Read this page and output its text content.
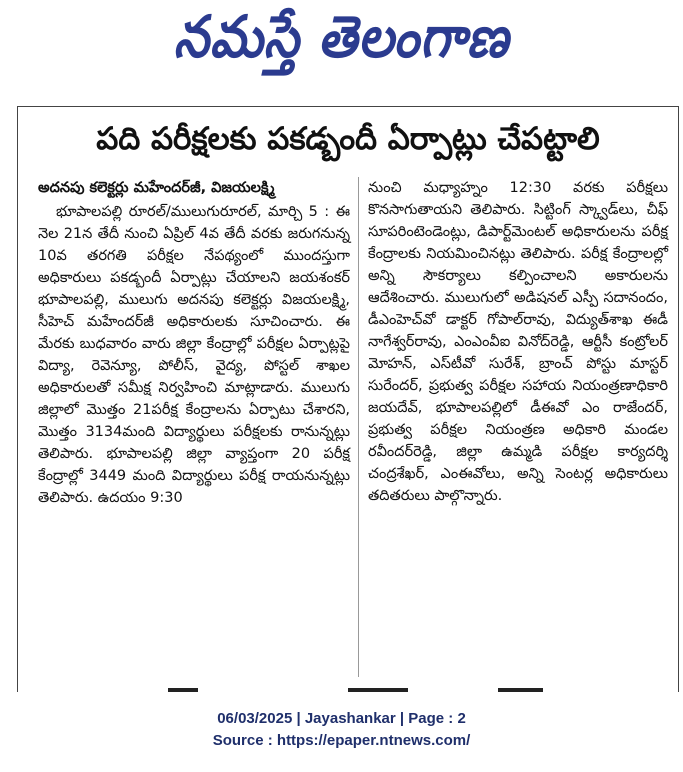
నమస్తే తెలంగాణ
పది పరీక్షలకు పకడ్బందీ ఏర్పాట్లు చేపట్టాలి
అదనపు కలెక్టర్లు మహేందర్‌జీ, విజయలక్ష్మి

భూపాలపల్లి రూరల్/ములుగురూరల్, మార్చి 5 : ఈ నెల 21న తేదీ నుంచి ఏప్రిల్ 4వ తేదీ వరకు జరుగనున్న 10వ తరగతి పరీక్షల నేపథ్యంలో ముందస్తుగా అధికారులు పకడ్బందీ ఏర్పాట్లు చేయాలని జయశంకర్ భూపాలపల్లి, ములుగు అదనపు కలెక్టర్లు విజయలక్ష్మి, సీహెచ్ మహేందర్‌జీ అధికారులకు సూచించారు. ఈ మేరకు బుధవారం వారు జిల్లా కేంద్రాల్లో పరీక్షల ఏర్పాట్లపై విద్యా, రెవెన్యూ, పోలీస్, వైద్య, పోస్టల్ శాఖల అధికారులతో సమీక్ష నిర్వహించి మాట్లాడారు. ములుగు జిల్లాలో మొత్తం 21పరీక్ష కేంద్రాలను ఏర్పాటు చేశారని, మొత్తం 3134మంది విద్యార్థులు పరీక్షలకు రానున్నట్లు తెలిపారు. భూపాలపల్లి జిల్లా వ్యాప్తంగా 20 పరీక్ష కేంద్రాల్లో 3449 మంది విద్యార్థులు పరీక్ష రాయనున్నట్లు తెలిపారు. ఉదయం 9:30

నుంచి మధ్యాహ్నం 12:30 వరకు పరీక్షలు కొనసాగుతాయని తెలిపారు. సిట్టింగ్ స్క్వాడ్‌లు, చీఫ్ సూపరింటెండెంట్లు, డిపార్ట్‌మెంటల్ అధికారులను పరీక్ష కేంద్రాలకు నియమించినట్లు తెలిపారు. పరీక్ష కేంద్రాలల్లో అన్ని సౌకర్యాలు కల్పించాలని అకారులను ఆదేశించారు. ములుగులో అడిషనల్ ఎస్పీ సదానందం, డీఎంహెచ్‌వో డాక్టర్ గోపాల్‌రావు, విద్యుత్‌శాఖ ఈడీ నాగేశ్వర్‌రావు, ఎంఎంవీఐ వినోద్‌రెడ్డి, ఆర్టీసీ కంట్రోలర్ మోహన్, ఎస్‌టీవో సురేశ్, బ్రాంచ్ పోస్టు మాస్టర్ సురేందర్, ప్రభుత్వ పరీక్షల సహాయ నియంత్రణాధికారి జయదేవ్, భూపాలపల్లిలో డీఈవో ఎం రాజేందర్, ప్రభుత్వ పరీక్షల నియంత్రణ అధికారి మండల రవీందర్‌రెడ్డి, జిల్లా ఉమ్మడి పరీక్షల కార్యదర్శి చంద్రశేఖర్, ఎంఈవోలు, అన్ని సెంటర్ల అధికారులు తదితరులు పాల్గొన్నారు.

06/03/2025 | Jayashankar | Page : 2
Source : https://epaper.ntnews.com/
